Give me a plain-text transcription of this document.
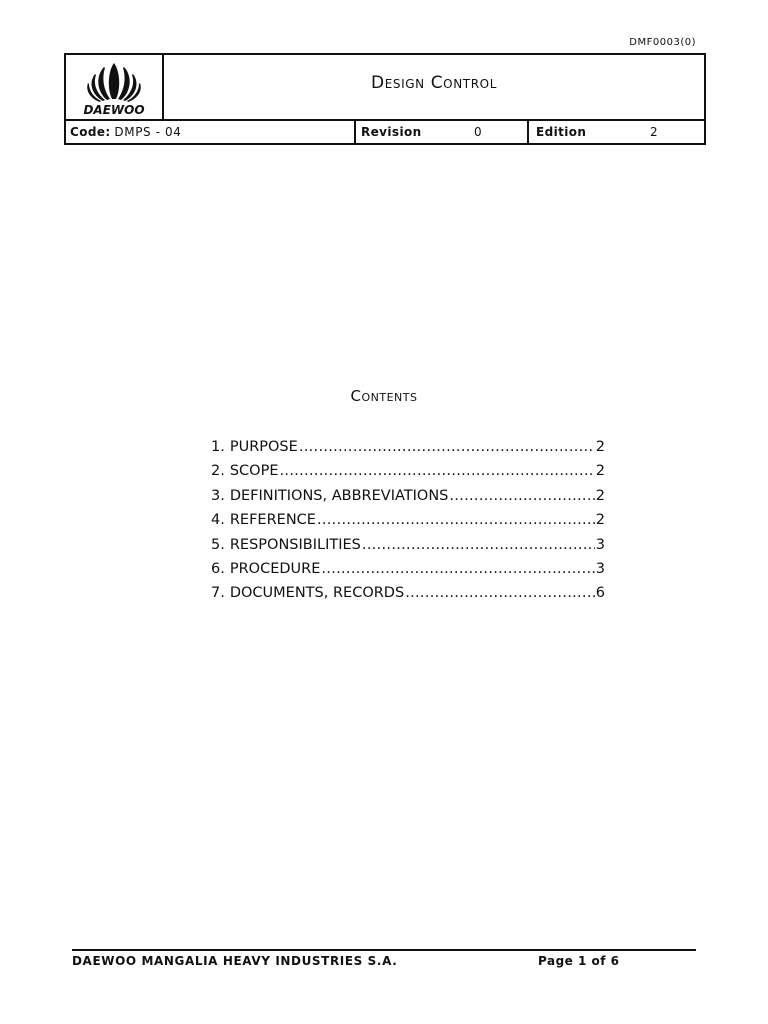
DMF0003(0)
DAEWOO
Design Control
Code: DMPS - 04	Revision	0	Edition	2
Contents
1. PURPOSE .....	2
2. SCOPE .....	2
3. DEFINITIONS, ABBREVIATIONS .....	2
4. REFERENCE .....	2
5. RESPONSIBILITIES .....	3
6. PROCEDURE .....	3
7. DOCUMENTS, RECORDS .....	6
DAEWOO MANGALIA HEAVY INDUSTRIES S.A.	Page 1 of 6
